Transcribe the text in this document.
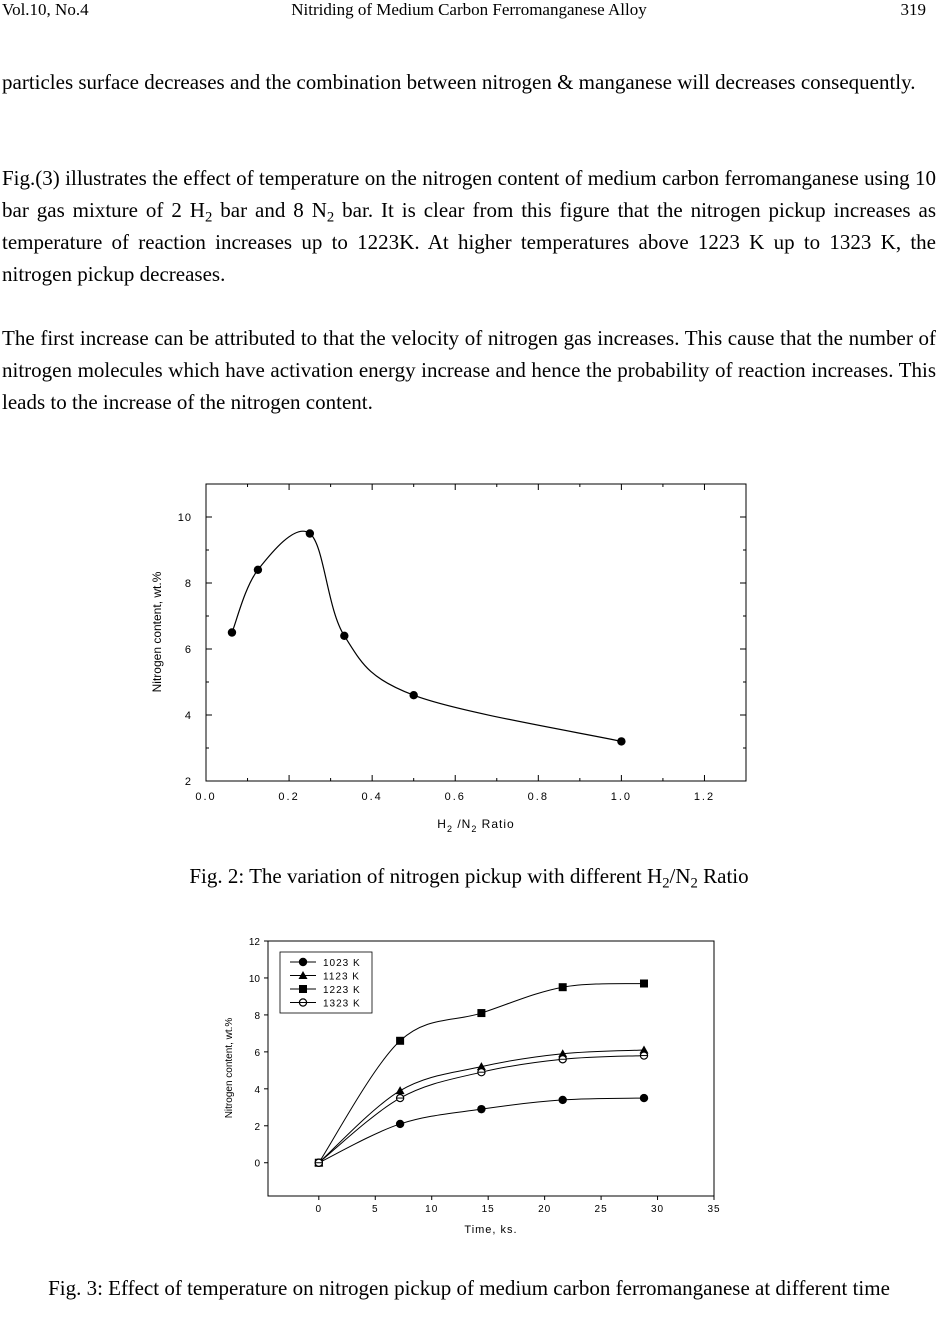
Vol.10, No.4	Nitriding of Medium Carbon Ferromanganese Alloy	319
particles surface decreases and the combination between nitrogen & manganese will decreases consequently.
Fig.(3) illustrates the effect of temperature on the nitrogen content of medium carbon ferromanganese using 10 bar gas mixture of 2 $H_2$ bar and 8 $N_2$ bar. It is clear from this figure that the nitrogen pickup increases as temperature of reaction increases up to 1223K. At higher temperatures above 1223 K up to 1323 K, the nitrogen pickup decreases.
The first increase can be attributed to that the velocity of nitrogen gas increases. This cause that the number of nitrogen molecules which have activation energy increase and hence the probability of reaction increases. This leads to the increase of the nitrogen content.
0.0	0.2	0.4	0.6	0.8	1.0	1.2
2
4
6
8
10
Nitrogen content, wt.%
$H_2$ $/N_2$ Ratio
Fig. 2: The variation of nitrogen pickup with different $H_2/N_2$ Ratio
0	5	10	15	20	25	30	35
0
2
4
6
8
10
12
1023 K
1123 K
1223 K
1323 K
Nitrogen content, wt.%
Time, ks.
Fig. 3: Effect of temperature on nitrogen pickup of medium carbon ferromanganese at different time
